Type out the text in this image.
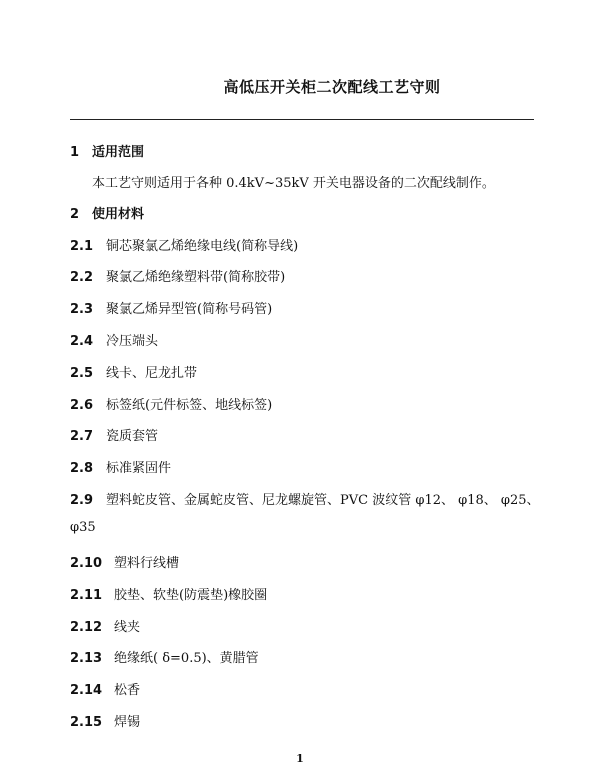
高低压开关柜二次配线工艺守则
1 适用范围
本工艺守则适用于各种 0.4kV~35kV 开关电器设备的二次配线制作。
2 使用材料
2.1 铜芯聚氯乙烯绝缘电线(简称导线)
2.2 聚氯乙烯绝缘塑料带(简称胶带)
2.3 聚氯乙烯异型管(简称号码管)
2.4 冷压端头
2.5 线卡、尼龙扎带
2.6 标签纸(元件标签、地线标签)
2.7 瓷质套管
2.8 标准紧固件
2.9 塑料蛇皮管、金属蛇皮管、尼龙螺旋管、PVC 波纹管 φ12、 φ18、 φ25、
φ35
2.10 塑料行线槽
2.11 胶垫、软垫(防震垫)橡胶圈
2.12 线夹
2.13 绝缘纸( δ=0.5)、黄腊管
2.14 松香
2.15 焊锡
1
